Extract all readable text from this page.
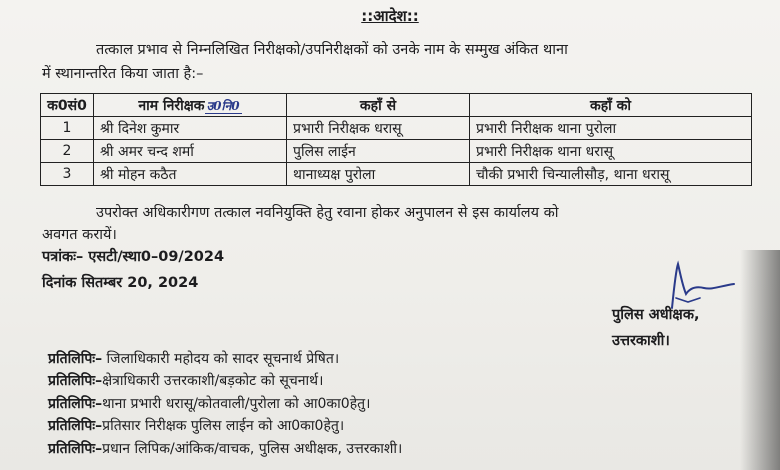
::आदेश::
तत्काल प्रभाव से निम्नलिखित निरीक्षको/उपनिरीक्षकों को उनके नाम के सम्मुख अंकित थाना
में स्थानान्तरित किया जाता है:–
क0सं0	नाम निरीक्षक उ0नि0	कहाँ से	कहाँ को
1	श्री दिनेश कुमार	प्रभारी निरीक्षक धरासू	प्रभारी निरीक्षक थाना पुरोला
2	श्री अमर चन्द शर्मा	पुलिस लाईन	प्रभारी निरीक्षक थाना धरासू
3	श्री मोहन कठैत	थानाध्यक्ष पुरोला	चौकी प्रभारी चिन्यालीसौड़, थाना धरासू
उपरोक्त अधिकारीगण तत्काल नवनियुक्ति हेतु रवाना होकर अनुपालन से इस कार्यालय को
अवगत करायें।
पत्रांकः– एसटी/स्था0–09/2024
दिनांक सितम्बर 20, 2024
पुलिस अधीक्षक,
उत्तरकाशी।
प्रतिलिपिः– जिलाधिकारी महोदय को सादर सूचनार्थ प्रेषित।
प्रतिलिपिः–क्षेत्राधिकारी उत्तरकाशी/बड़कोट को सूचनार्थ।
प्रतिलिपिः–थाना प्रभारी धरासू/कोतवाली/पुरोला को आ0का0हेतु।
प्रतिलिपिः–प्रतिसार निरीक्षक पुलिस लाईन को आ0का0हेतु।
प्रतिलिपिः–प्रधान लिपिक/आंकिक/वाचक, पुलिस अधीक्षक, उत्तरकाशी।
